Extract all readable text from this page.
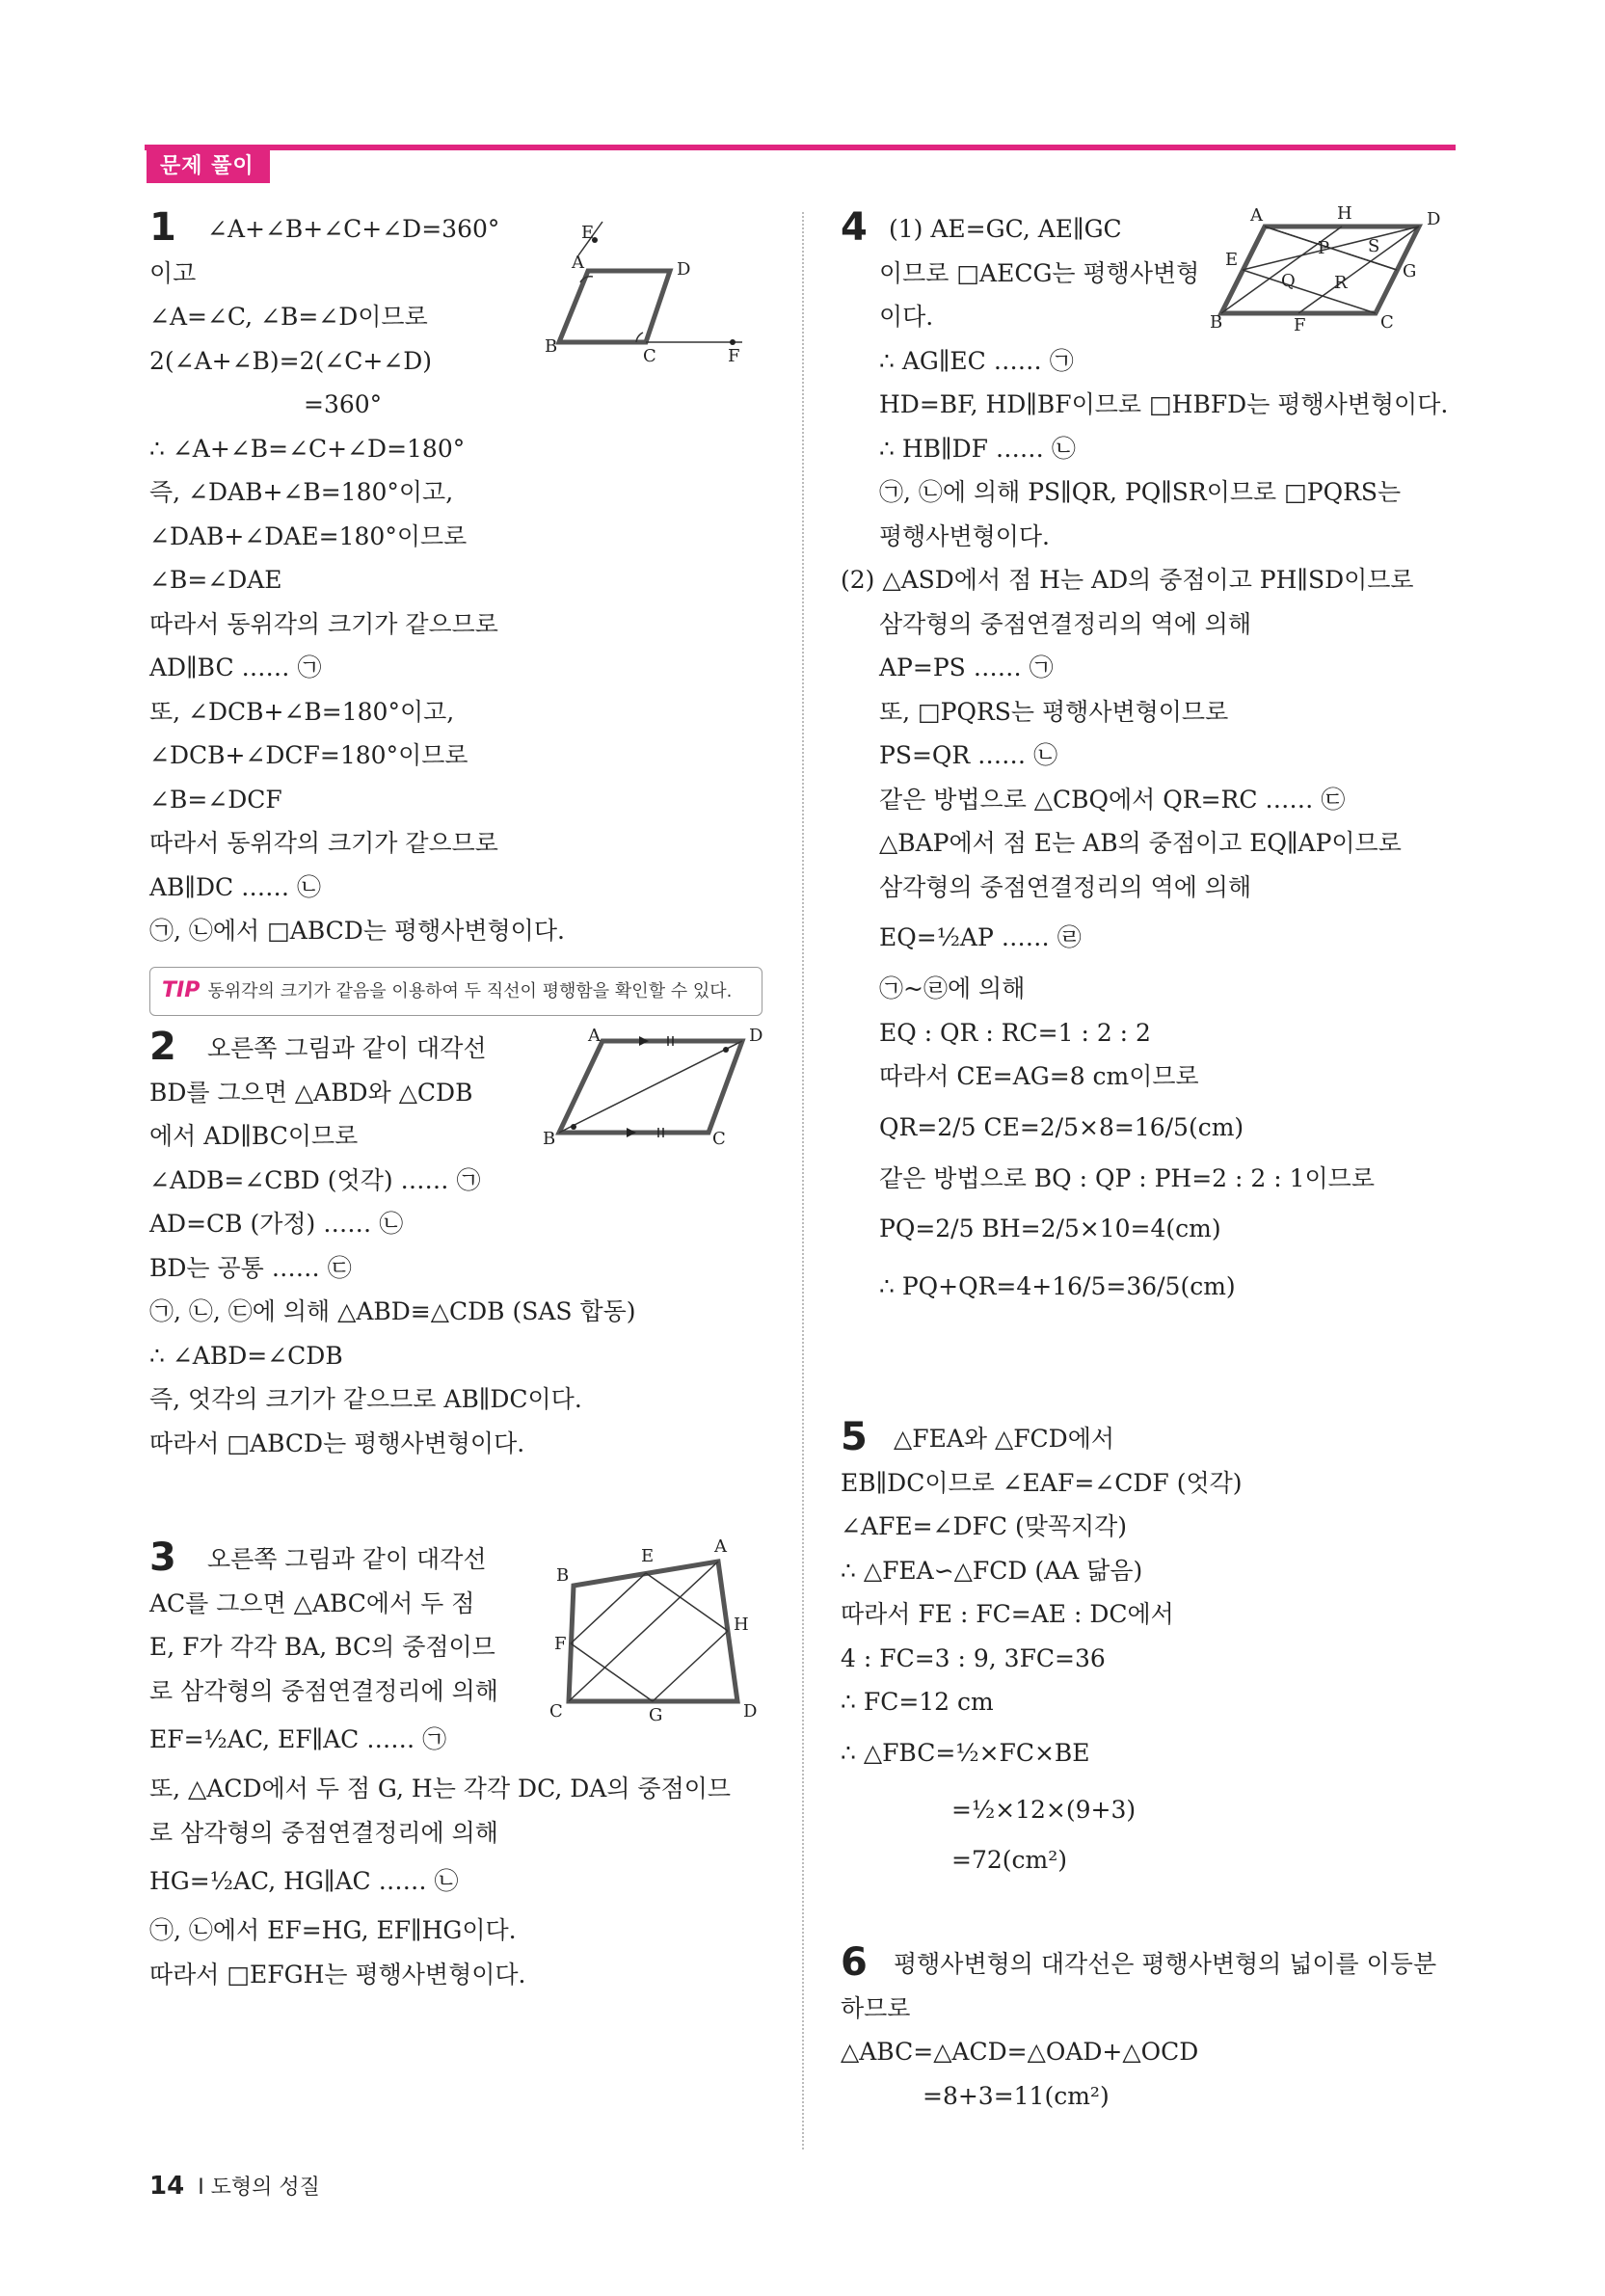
문제 풀이
1	∠A+∠B+∠C+∠D=360°
이고
∠A=∠C, ∠B=∠D이므로
2(∠A+∠B)=2(∠C+∠D)
=360°
∴ ∠A+∠B=∠C+∠D=180°
즉, ∠DAB+∠B=180°이고,
∠DAB+∠DAE=180°이므로
∠B=∠DAE
따라서 동위각의 크기가 같으므로
AD∥BC …… ㉠
또, ∠DCB+∠B=180°이고,
∠DCB+∠DCF=180°이므로
∠B=∠DCF
따라서 동위각의 크기가 같으므로
AB∥DC …… ㉡
㉠, ㉡에서 □ABCD는 평행사변형이다.
TIP 동위각의 크기가 같음을 이용하여 두 직선이 평행함을 확인할 수 있다.
E
A	D
B	C	F
2	오른쪽 그림과 같이 대각선
BD를 그으면 △ABD와 △CDB
에서 AD∥BC이므로
∠ADB=∠CBD (엇각) …… ㉠
AD=CB (가정) …… ㉡
BD는 공통 …… ㉢
㉠, ㉡, ㉢에 의해 △ABD≡△CDB (SAS 합동)
∴ ∠ABD=∠CDB
즉, 엇각의 크기가 같으므로 AB∥DC이다.
따라서 □ABCD는 평행사변형이다.
A	D
B	C
3	오른쪽 그림과 같이 대각선
AC를 그으면 △ABC에서 두 점
E, F가 각각 BA, BC의 중점이므
로 삼각형의 중점연결정리에 의해
EF=½AC, EF∥AC …… ㉠
또, △ACD에서 두 점 G, H는 각각 DC, DA의 중점이므
로 삼각형의 중점연결정리에 의해
HG=½AC, HG∥AC …… ㉡
㉠, ㉡에서 EF=HG, EF∥HG이다.
따라서 □EFGH는 평행사변형이다.
A
E
B
H
F
C	G	D
4 (1) AE=GC, AE∥GC
이므로 □AECG는 평행사변형
이다.
∴ AG∥EC …… ㉠
HD=BF, HD∥BF이므로 □HBFD는 평행사변형이다.
∴ HB∥DF …… ㉡
㉠, ㉡에 의해 PS∥QR, PQ∥SR이므로 □PQRS는
평행사변형이다.
(2) △ASD에서 점 H는 AD의 중점이고 PH∥SD이므로
삼각형의 중점연결정리의 역에 의해
AP=PS …… ㉠
또, □PQRS는 평행사변형이므로
PS=QR …… ㉡
같은 방법으로 △CBQ에서 QR=RC …… ㉢
△BAP에서 점 E는 AB의 중점이고 EQ∥AP이므로
삼각형의 중점연결정리의 역에 의해
EQ=½AP …… ㉣
㉠~㉣에 의해
EQ : QR : RC=1 : 2 : 2
따라서 CE=AG=8 cm이므로
QR=2/5 CE=2/5×8=16/5(cm)
같은 방법으로 BQ : QP : PH=2 : 2 : 1이므로
PQ=2/5 BH=2/5×10=4(cm)
∴ PQ+QR=4+16/5=36/5(cm)
A	H	D
E
P S
G
Q R
B	F	C
5	△FEA와 △FCD에서
EB∥DC이므로 ∠EAF=∠CDF (엇각)
∠AFE=∠DFC (맞꼭지각)
∴ △FEA∽△FCD (AA 닮음)
따라서 FE : FC=AE : DC에서
4 : FC=3 : 9, 3FC=36
∴ FC=12 cm
∴ △FBC=½×FC×BE
=½×12×(9+3)
=72(cm²)
6	평행사변형의 대각선은 평행사변형의 넓이를 이등분
하므로
△ABC=△ACD=△OAD+△OCD
=8+3=11(cm²)
14 Ⅰ 도형의 성질
